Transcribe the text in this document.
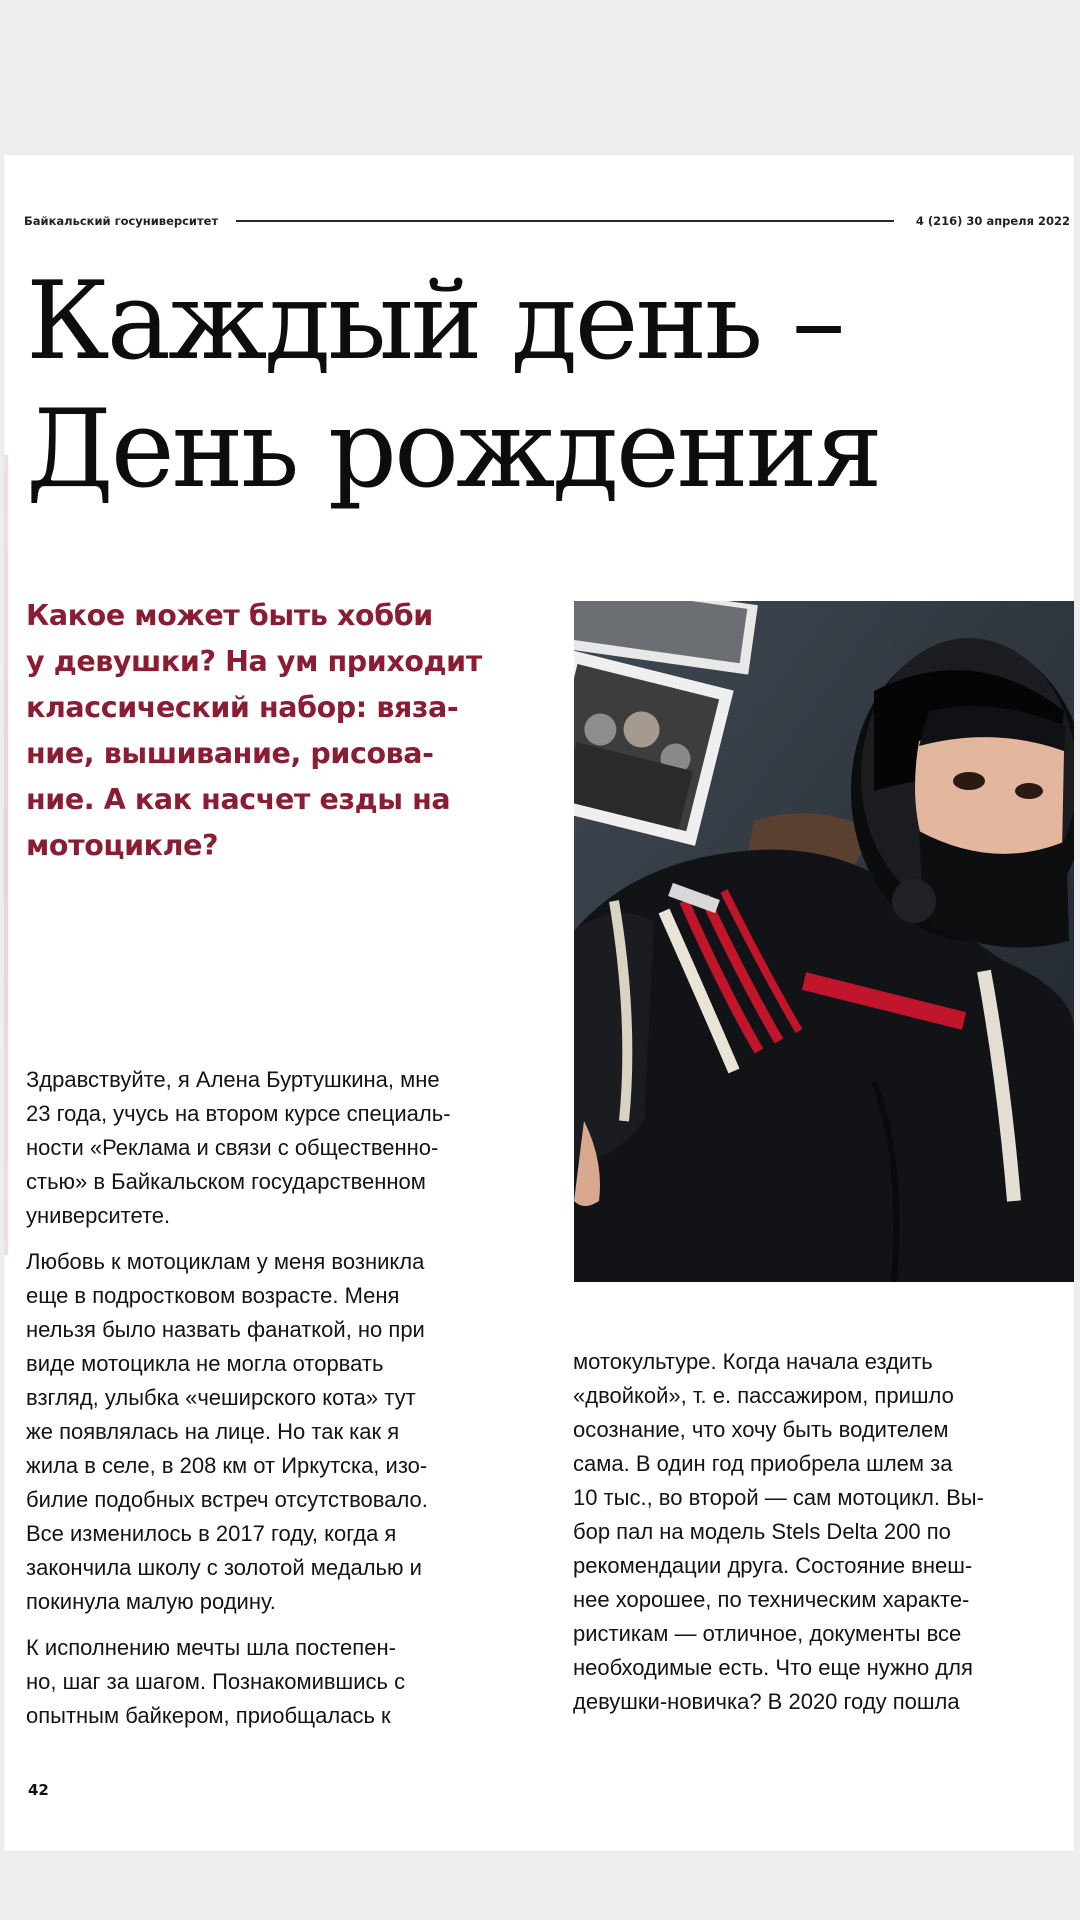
Байкальский госуниверситет	4 (216) 30 апреля 2022
Каждый день –
День рождения

Какое может быть хобби
у девушки? На ум приходит
классический набор: вяза-
ние, вышивание, рисова-
ние. А как насчет езды на
мотоцикле?

Здравствуйте, я Алена Буртушкина, мне
23 года, учусь на втором курсе специаль-
ности «Реклама и связи с общественно-
стью» в Байкальском государственном
университете.

Любовь к мотоциклам у меня возникла
еще в подростковом возрасте. Меня
нельзя было назвать фанаткой, но при
виде мотоцикла не могла оторвать
взгляд, улыбка «чеширского кота» тут
же появлялась на лице. Но так как я
жила в селе, в 208 км от Иркутска, изо-
билие подобных встреч отсутствовало.
Все изменилось в 2017 году, когда я
закончила школу с золотой медалью и
покинула малую родину.

К исполнению мечты шла постепен-
но, шаг за шагом. Познакомившись с
опытным байкером, приобщалась к

мотокультуре. Когда начала ездить
«двойкой», т. е. пассажиром, пришло
осознание, что хочу быть водителем
сама. В один год приобрела шлем за
10 тыс., во второй — сам мотоцикл. Вы-
бор пал на модель Stels Delta 200 по
рекомендации друга. Состояние внеш-
нее хорошее, по техническим характе-
ристикам — отличное, документы все
необходимые есть. Что еще нужно для
девушки-новичка? В 2020 году пошла

42
